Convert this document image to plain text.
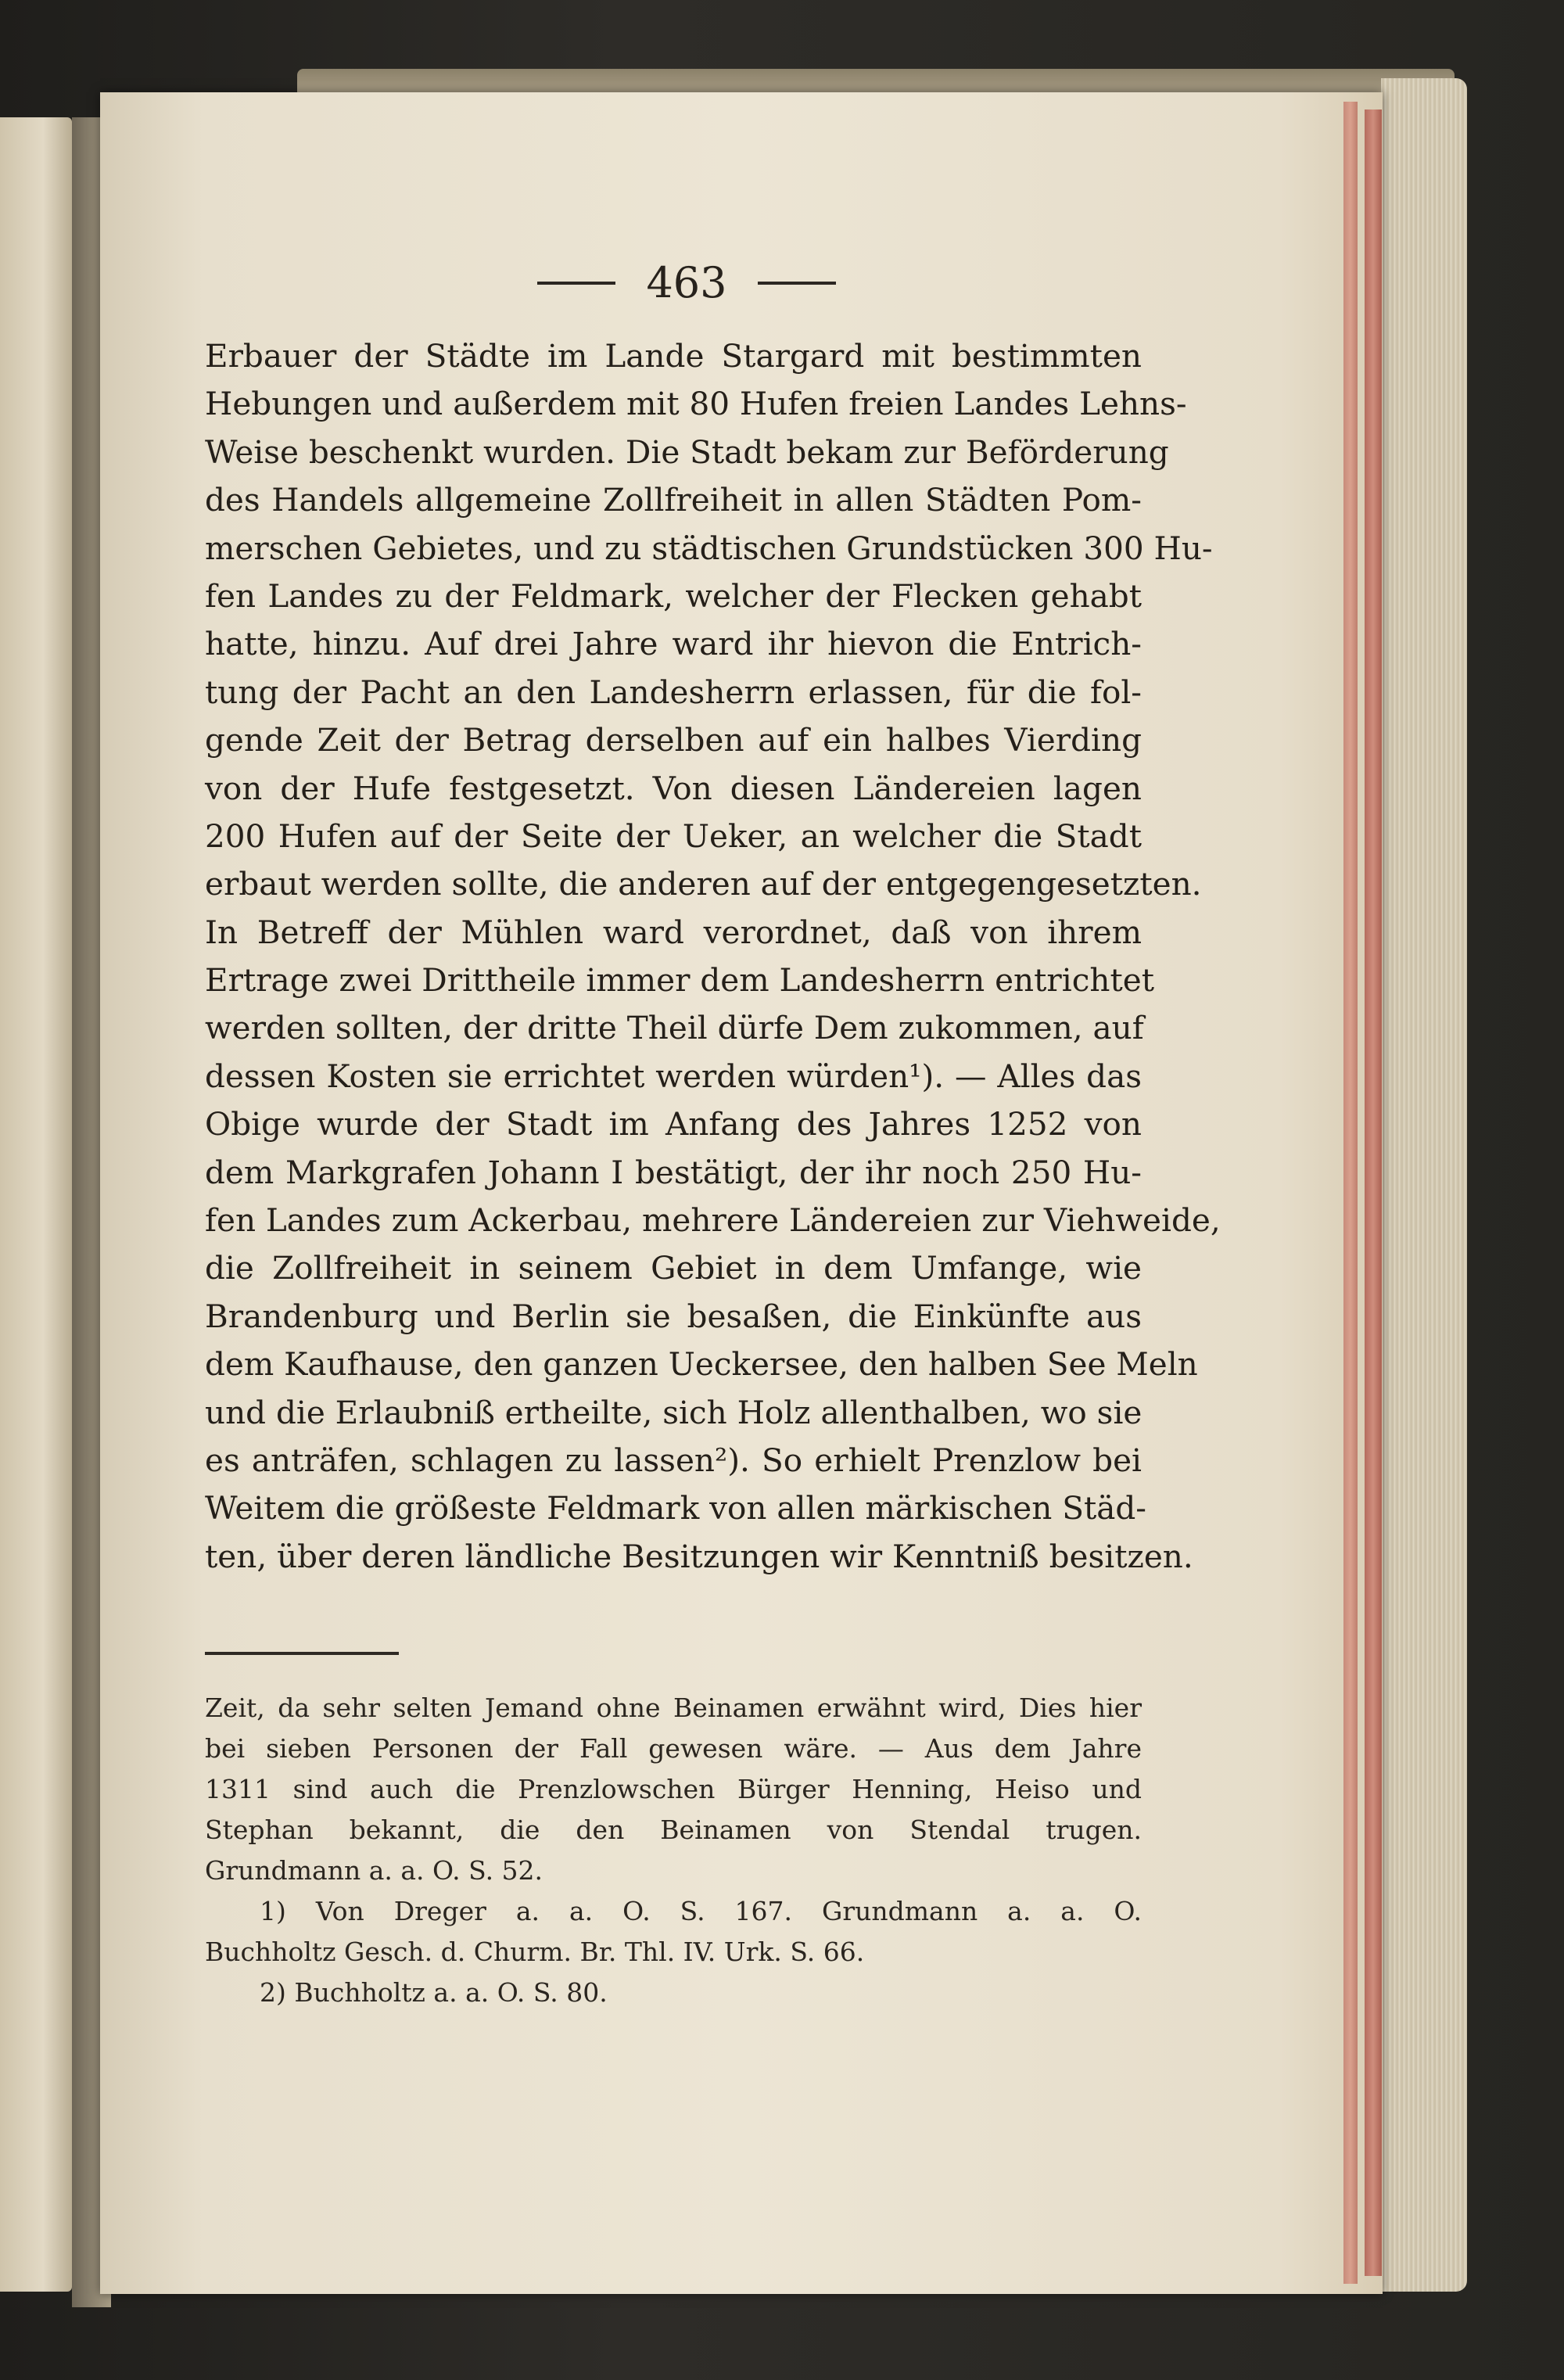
463
Erbauer der Städte im Lande Stargard mit bestimmten
Hebungen und außerdem mit 80 Hufen freien Landes Lehns-
Weise beschenkt wurden. Die Stadt bekam zur Beförderung
des Handels allgemeine Zollfreiheit in allen Städten Pom-
merschen Gebietes, und zu städtischen Grundstücken 300 Hu-
fen Landes zu der Feldmark, welcher der Flecken gehabt
hatte, hinzu. Auf drei Jahre ward ihr hievon die Entrich-
tung der Pacht an den Landesherrn erlassen, für die fol-
gende Zeit der Betrag derselben auf ein halbes Vierding
von der Hufe festgesetzt. Von diesen Ländereien lagen
200 Hufen auf der Seite der Ueker, an welcher die Stadt
erbaut werden sollte, die anderen auf der entgegengesetzten.
In Betreff der Mühlen ward verordnet, daß von ihrem
Ertrage zwei Drittheile immer dem Landesherrn entrichtet
werden sollten, der dritte Theil dürfe Dem zukommen, auf
dessen Kosten sie errichtet werden würden¹). — Alles das
Obige wurde der Stadt im Anfang des Jahres 1252 von
dem Markgrafen Johann I bestätigt, der ihr noch 250 Hu-
fen Landes zum Ackerbau, mehrere Ländereien zur Viehweide,
die Zollfreiheit in seinem Gebiet in dem Umfange, wie
Brandenburg und Berlin sie besaßen, die Einkünfte aus
dem Kaufhause, den ganzen Ueckersee, den halben See Meln
und die Erlaubniß ertheilte, sich Holz allenthalben, wo sie
es anträfen, schlagen zu lassen²). So erhielt Prenzlow bei
Weitem die größeste Feldmark von allen märkischen Städ-
ten, über deren ländliche Besitzungen wir Kenntniß besitzen.
Zeit, da sehr selten Jemand ohne Beinamen erwähnt wird, Dies hier
bei sieben Personen der Fall gewesen wäre. — Aus dem Jahre
1311 sind auch die Prenzlowschen Bürger Henning, Heiso und
Stephan bekannt, die den Beinamen von Stendal trugen.
Grundmann a. a. O. S. 52.
1) Von Dreger a. a. O. S. 167. Grundmann a. a. O.
Buchholtz Gesch. d. Churm. Br. Thl. IV. Urk. S. 66.
2) Buchholtz a. a. O. S. 80.
